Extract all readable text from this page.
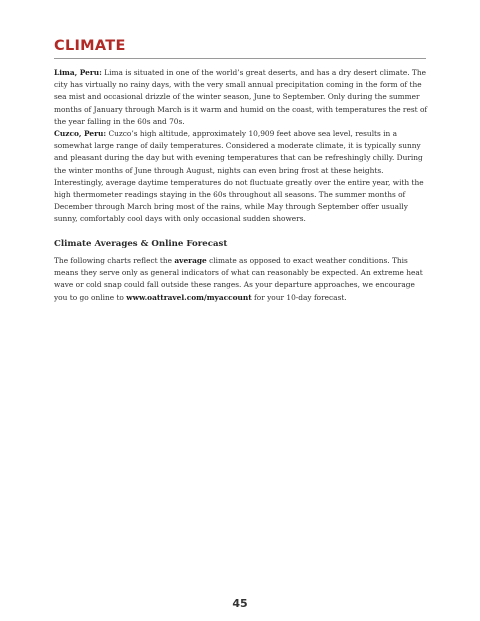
CLIMATE

Lima, Peru: Lima is situated in one of the world’s great deserts, and has a dry desert climate. The city has virtually no rainy days, with the very small annual precipitation coming in the form of the sea mist and occasional drizzle of the winter season, June to September. Only during the summer months of January through March is it warm and humid on the coast, with temperatures the rest of the year falling in the 60s and 70s.

Cuzco, Peru: Cuzco’s high altitude, approximately 10,909 feet above sea level, results in a somewhat large range of daily temperatures. Considered a moderate climate, it is typically sunny and pleasant during the day but with evening temperatures that can be refreshingly chilly. During the winter months of June through August, nights can even bring frost at these heights. Interestingly, average daytime temperatures do not fluctuate greatly over the entire year, with the high thermometer readings staying in the 60s throughout all seasons. The summer months of December through March bring most of the rains, while May through September offer usually sunny, comfortably cool days with only occasional sudden showers.

Climate Averages & Online Forecast

The following charts reflect the average climate as opposed to exact weather conditions. This means they serve only as general indicators of what can reasonably be expected. An extreme heat wave or cold snap could fall outside these ranges. As your departure approaches, we encourage you to go online to www.oattravel.com/myaccount for your 10-day forecast.

45
